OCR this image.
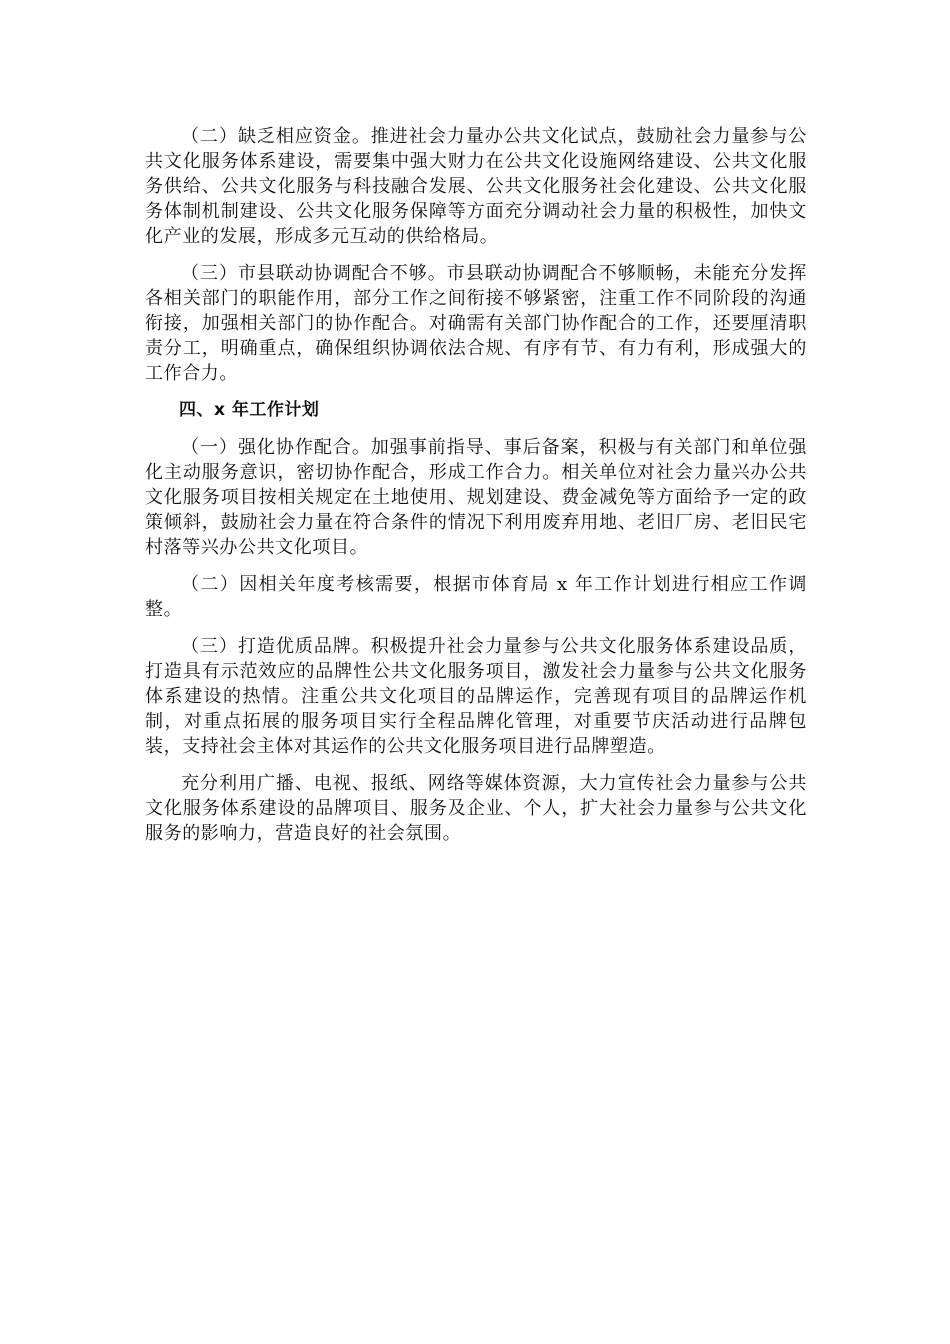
（二）缺乏相应资金。推进社会力量办公共文化试点，鼓励社会力量参与公共文化服务体系建设，需要集中强大财力在公共文化设施网络建设、公共文化服务供给、公共文化服务与科技融合发展、公共文化服务社会化建设、公共文化服务体制机制建设、公共文化服务保障等方面充分调动社会力量的积极性，加快文化产业的发展，形成多元互动的供给格局。

（三）市县联动协调配合不够。市县联动协调配合不够顺畅，未能充分发挥各相关部门的职能作用，部分工作之间衔接不够紧密，注重工作不同阶段的沟通衔接，加强相关部门的协作配合。对确需有关部门协作配合的工作，还要厘清职责分工，明确重点，确保组织协调依法合规、有序有节、有力有利，形成强大的工作合力。

四、x 年工作计划

（一）强化协作配合。加强事前指导、事后备案，积极与有关部门和单位强化主动服务意识，密切协作配合，形成工作合力。相关单位对社会力量兴办公共文化服务项目按相关规定在土地使用、规划建设、费金减免等方面给予一定的政策倾斜，鼓励社会力量在符合条件的情况下利用废弃用地、老旧厂房、老旧民宅村落等兴办公共文化项目。

（二）因相关年度考核需要，根据市体育局 x 年工作计划进行相应工作调整。

（三）打造优质品牌。积极提升社会力量参与公共文化服务体系建设品质，打造具有示范效应的品牌性公共文化服务项目，激发社会力量参与公共文化服务体系建设的热情。注重公共文化项目的品牌运作，完善现有项目的品牌运作机制，对重点拓展的服务项目实行全程品牌化管理，对重要节庆活动进行品牌包装，支持社会主体对其运作的公共文化服务项目进行品牌塑造。

充分利用广播、电视、报纸、网络等媒体资源，大力宣传社会力量参与公共文化服务体系建设的品牌项目、服务及企业、个人，扩大社会力量参与公共文化服务的影响力，营造良好的社会氛围。
